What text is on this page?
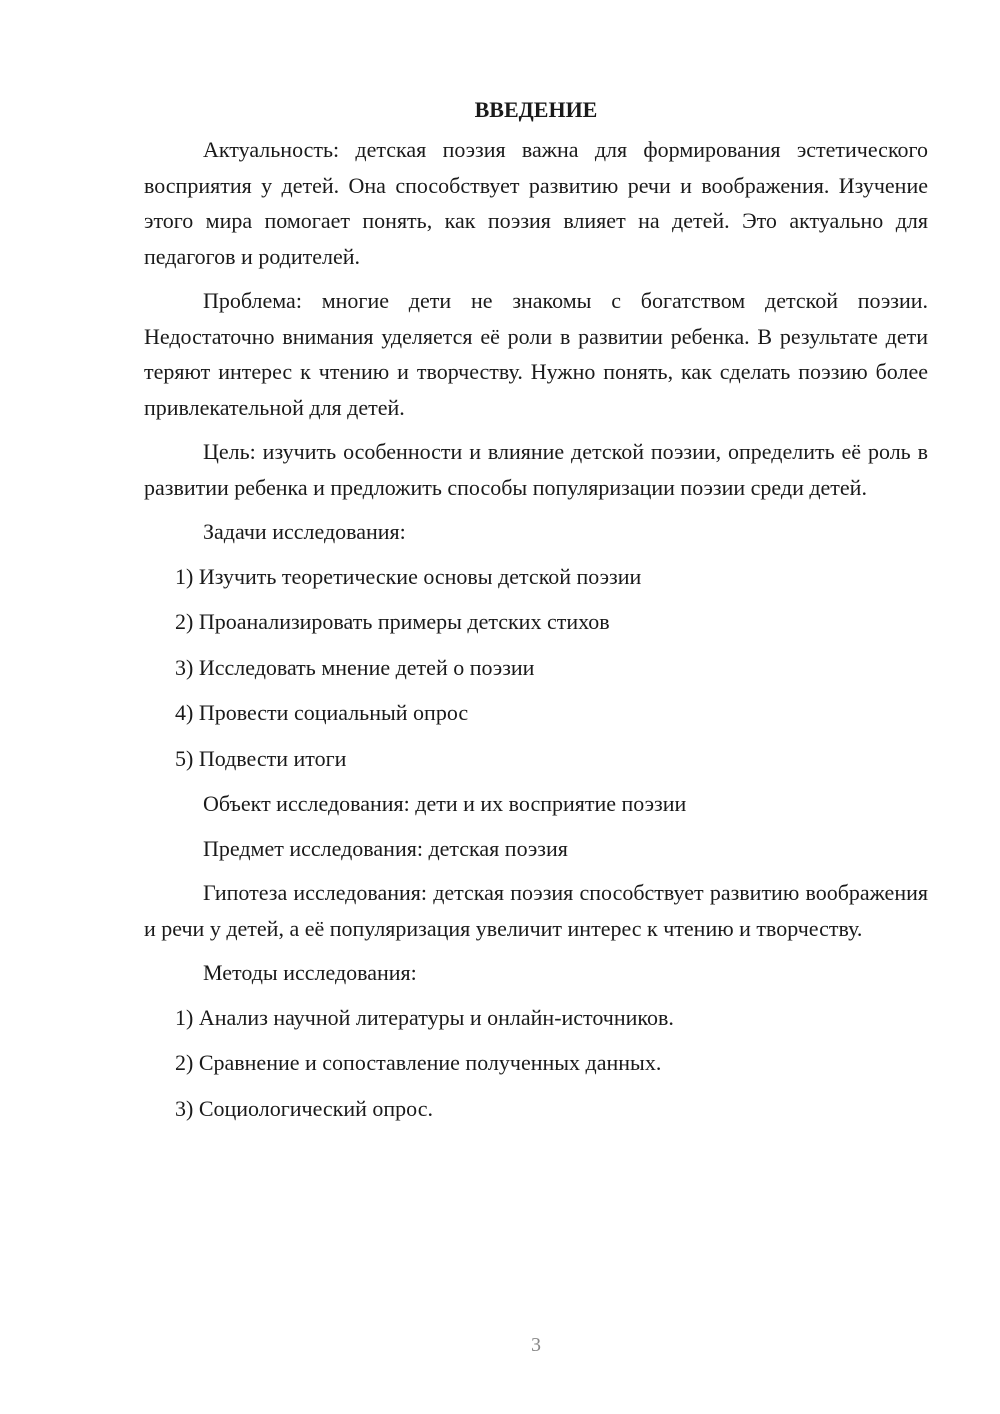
ВВЕДЕНИЕ

Актуальность: детская поэзия важна для формирования эстетического восприятия у детей. Она способствует развитию речи и воображения. Изучение этого мира помогает понять, как поэзия влияет на детей. Это актуально для педагогов и родителей.

Проблема: многие дети не знакомы с богатством детской поэзии. Недостаточно внимания уделяется её роли в развитии ребенка. В результате дети теряют интерес к чтению и творчеству. Нужно понять, как сделать поэзию более привлекательной для детей.

Цель: изучить особенности и влияние детской поэзии, определить её роль в развитии ребенка и предложить способы популяризации поэзии среди детей.

Задачи исследования:

1) Изучить теоретические основы детской поэзии
2) Проанализировать примеры детских стихов
3) Исследовать мнение детей о поэзии
4) Провести социальный опрос
5) Подвести итоги

Объект исследования: дети и их восприятие поэзии

Предмет исследования: детская поэзия

Гипотеза исследования: детская поэзия способствует развитию воображения и речи у детей, а её популяризация увеличит интерес к чтению и творчеству.

Методы исследования:

1) Анализ научной литературы и онлайн-источников.
2) Сравнение и сопоставление полученных данных.
3) Социологический опрос.
3
